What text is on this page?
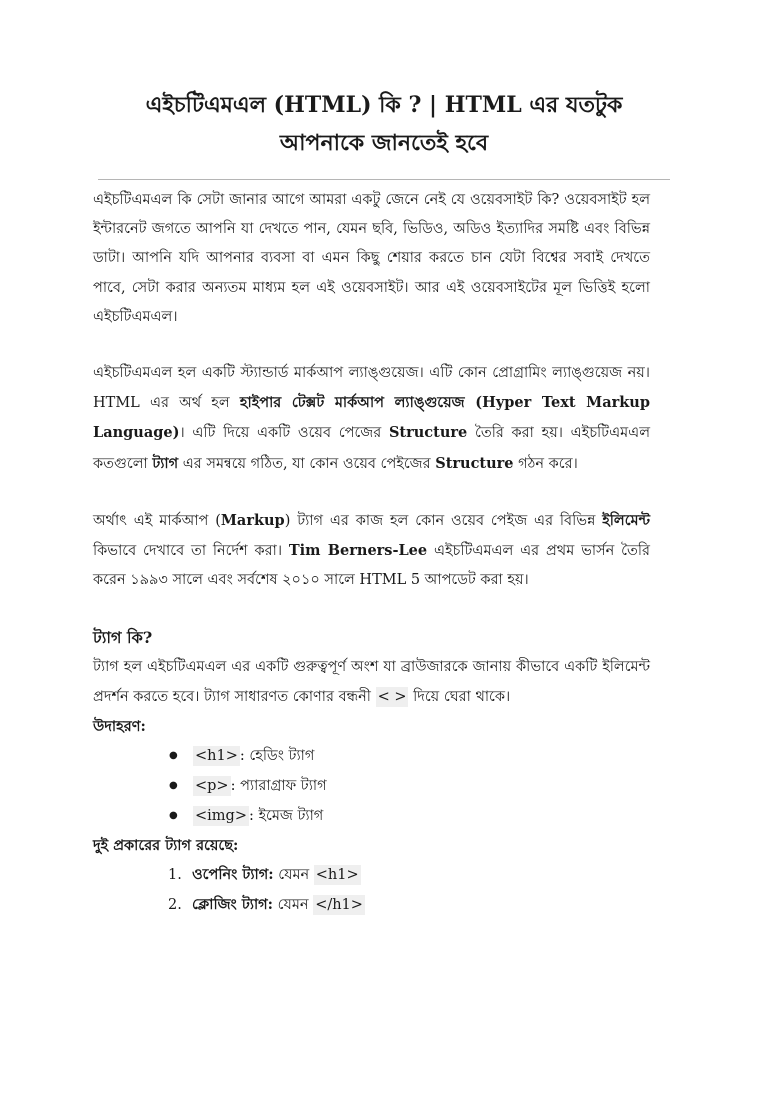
এইচটিএমএল (HTML) কি ? | HTML এর যতটুক আপনাকে জানতেই হবে

এইচটিএমএল কি সেটা জানার আগে আমরা একটু জেনে নেই যে ওয়েবসাইট কি? ওয়েবসাইট হল ইন্টারনেট জগতে আপনি যা দেখতে পান, যেমন ছবি, ভিডিও, অডিও ইত্যাদির সমষ্টি এবং বিভিন্ন ডাটা। আপনি যদি আপনার ব্যবসা বা এমন কিছু শেয়ার করতে চান যেটা বিশ্বের সবাই দেখতে পাবে, সেটা করার অন্যতম মাধ্যম হল এই ওয়েবসাইট। আর এই ওয়েবসাইটের মূল ভিত্তিই হলো এইচটিএমএল।

এইচটিএমএল হল একটি স্ট্যান্ডার্ড মার্কআপ ল্যাঙ্গুয়েজ। এটি কোন প্রোগ্রামিং ল্যাঙ্গুয়েজ নয়। HTML এর অর্থ হল হাইপার টেক্সট মার্কআপ ল্যাঙ্গুয়েজ (Hyper Text Markup Language)। এটি দিয়ে একটি ওয়েব পেজের Structure তৈরি করা হয়। এইচটিএমএল কতগুলো ট্যাগ এর সমন্বয়ে গঠিত, যা কোন ওয়েব পেইজের Structure গঠন করে।

অর্থাৎ এই মার্কআপ (Markup) ট্যাগ এর কাজ হল কোন ওয়েব পেইজ এর বিভিন্ন ইলিমেন্ট কিভাবে দেখাবে তা নির্দেশ করা। Tim Berners-Lee এইচটিএমএল এর প্রথম ভার্সন তৈরি করেন ১৯৯৩ সালে এবং সর্বশেষ ২০১০ সালে HTML 5 আপডেট করা হয়।

ট্যাগ কি?

ট্যাগ হল এইচটিএমএল এর একটি গুরুত্বপূর্ণ অংশ যা ব্রাউজারকে জানায় কীভাবে একটি ইলিমেন্ট প্রদর্শন করতে হবে। ট্যাগ সাধারণত কোণার বন্ধনী < > দিয়ে ঘেরা থাকে।

উদাহরণ:
● <h1> : হেডিং ট্যাগ
● <p> : প্যারাগ্রাফ ট্যাগ
● <img> : ইমেজ ট্যাগ
দুই প্রকারের ট্যাগ রয়েছে:
1. ওপেনিং ট্যাগ: যেমন <h1>
2. ক্লোজিং ট্যাগ: যেমন </h1>
